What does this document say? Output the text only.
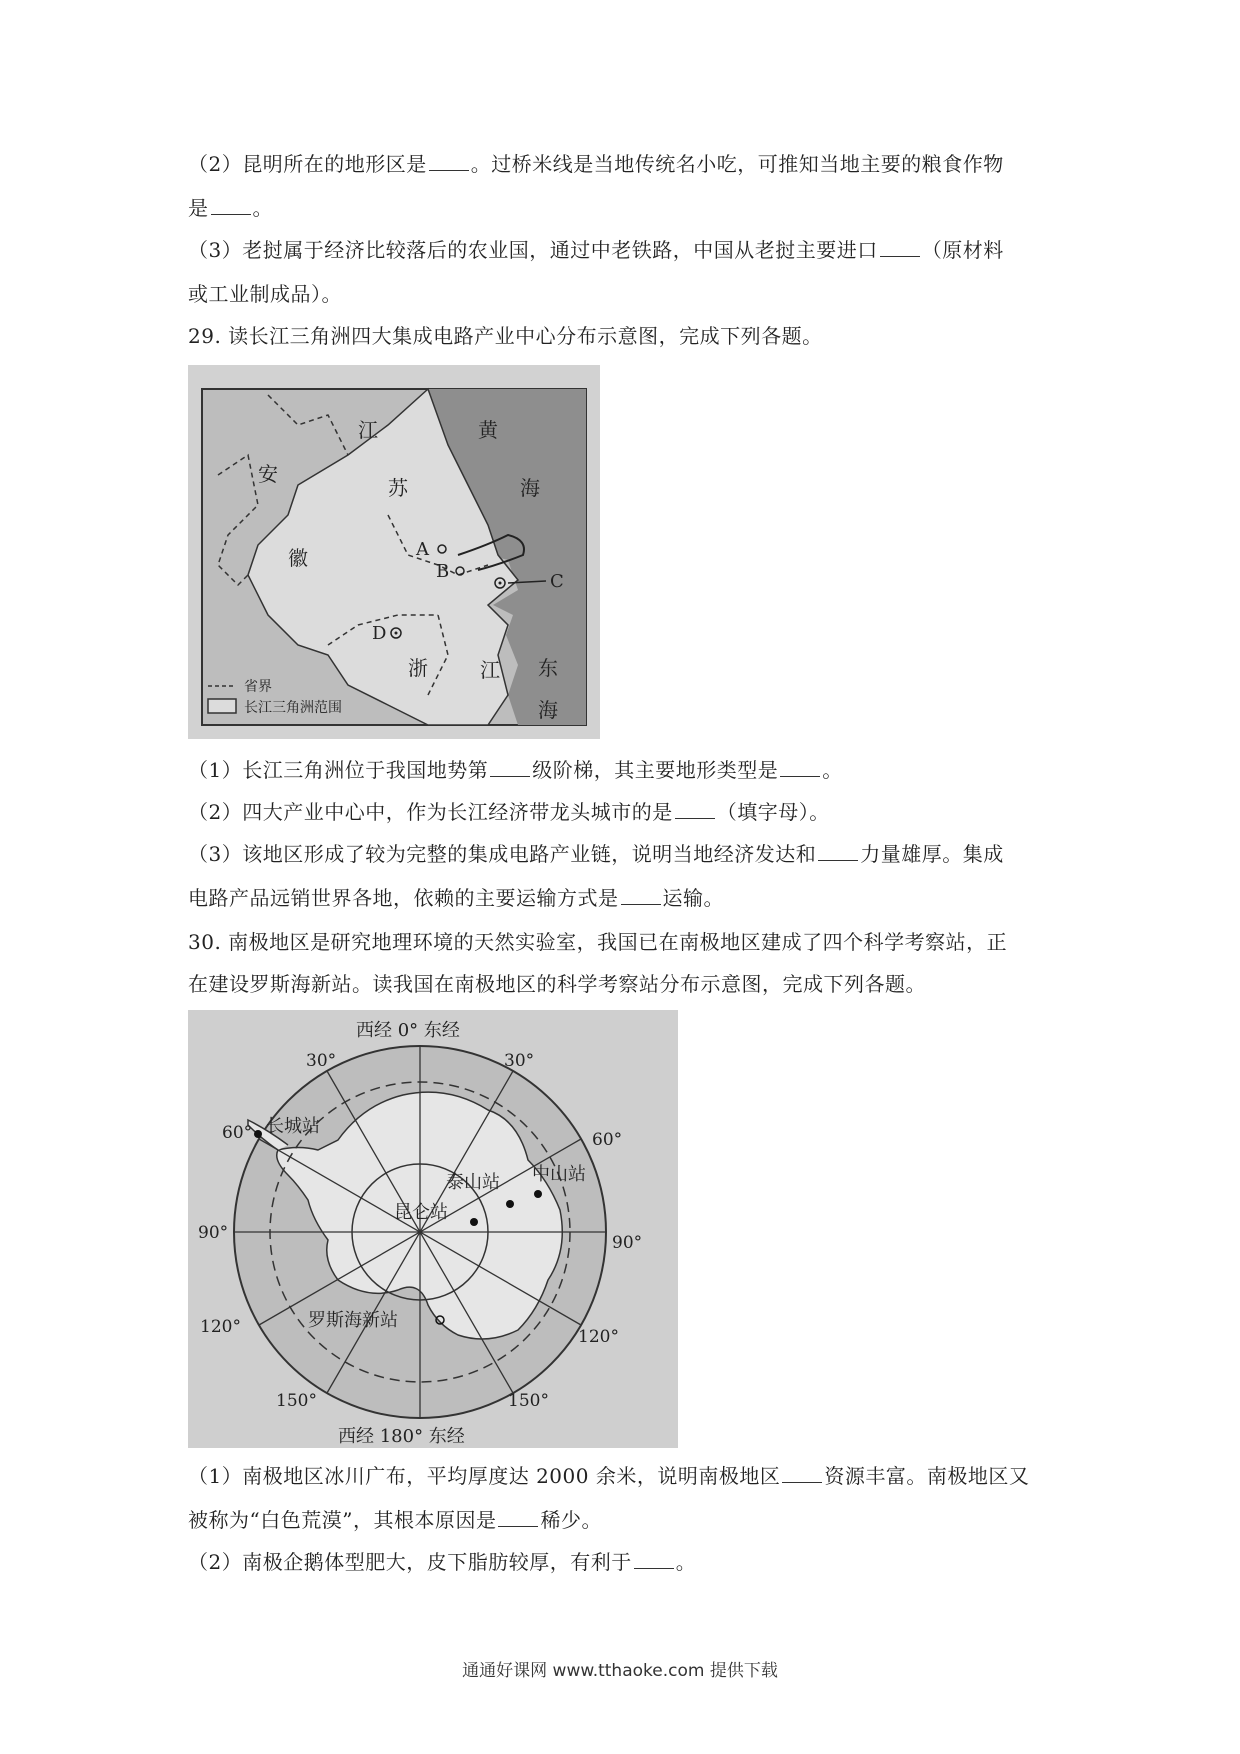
（2）昆明所在的地形区是 。过桥米线是当地传统名小吃，可推知当地主要的粮食作物
是 。
（3）老挝属于经济比较落后的农业国，通过中老铁路，中国从老挝主要进口 （原材料
或工业制成品）。
29. 读长江三角洲四大集成电路产业中心分布示意图，完成下列各题。
江
苏
安
徽
浙	江
黄
海
东
海
A
B	C
D
省界
长江三角洲范围
（1）长江三角洲位于我国地势第 级阶梯，其主要地形类型是 。
（2）四大产业中心中，作为长江经济带龙头城市的是 （填字母）。
（3）该地区形成了较为完整的集成电路产业链，说明当地经济发达和 力量雄厚。集成
电路产品远销世界各地，依赖的主要运输方式是 运输。
30. 南极地区是研究地理环境的天然实验室，我国已在南极地区建成了四个科学考察站，正
在建设罗斯海新站。读我国在南极地区的科学考察站分布示意图，完成下列各题。
西经 0° 东经
西经 180° 东经
30°	30°
60°	60°
90°	90°
120°	120°
150°	150°
长城站
泰山站 中山站
昆仑站
罗斯海新站
（1）南极地区冰川广布，平均厚度达 2000 余米，说明南极地区 资源丰富。南极地区又
被称为“白色荒漠”，其根本原因是 稀少。
（2）南极企鹅体型肥大，皮下脂肪较厚，有利于 。
通通好课网 www.tthaoke.com 提供下载
